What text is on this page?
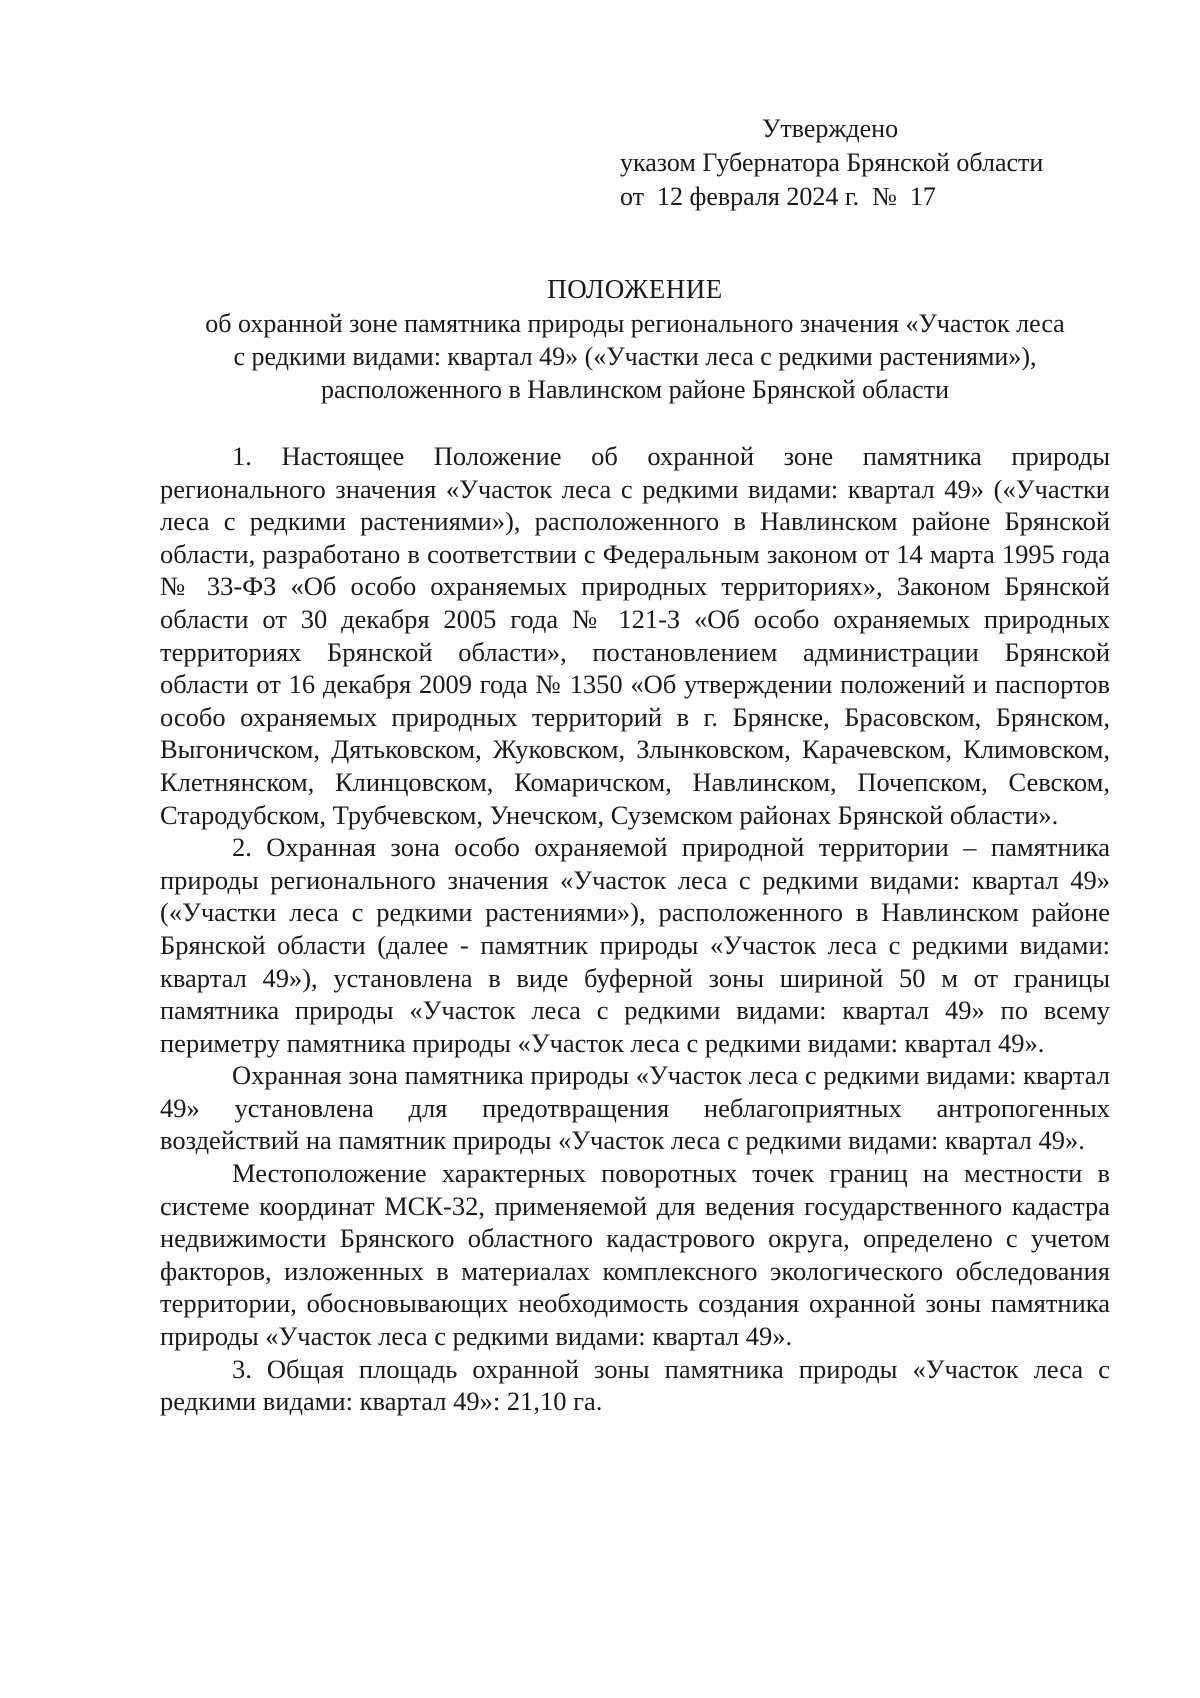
Утверждено
указом Губернатора Брянской области
от  12 февраля 2024 г.  №  17
ПОЛОЖЕНИЕ
об охранной зоне памятника природы регионального значения «Участок леса
с редкими видами: квартал 49» («Участки леса с редкими растениями»),
расположенного в Навлинском районе Брянской области

1. Настоящее Положение об охранной зоне памятника природы регионального значения «Участок леса с редкими видами: квартал 49» («Участки леса с редкими растениями»), расположенного в Навлинском районе Брянской области, разработано в соответствии с Федеральным законом от 14 марта 1995 года № 33-ФЗ «Об особо охраняемых природных территориях», Законом Брянской области от 30 декабря 2005 года № 121-З «Об особо охраняемых природных территориях Брянской области», постановлением администрации Брянской области от 16 декабря 2009 года № 1350 «Об утверждении положений и паспортов особо охраняемых природных территорий в г. Брянске, Брасовском, Брянском, Выгоничском, Дятьковском, Жуковском, Злынковском, Карачевском, Климовском, Клетнянском, Клинцовском, Комаричском, Навлинском, Почепском, Севском, Стародубском, Трубчевском, Унечском, Суземском районах Брянской области».

2. Охранная зона особо охраняемой природной территории – памятника природы регионального значения «Участок леса с редкими видами: квартал 49» («Участки леса с редкими растениями»), расположенного в Навлинском районе Брянской области (далее - памятник природы «Участок леса с редкими видами: квартал 49»), установлена в виде буферной зоны шириной 50 м от границы памятника природы «Участок леса с редкими видами: квартал 49» по всему периметру памятника природы «Участок леса с редкими видами: квартал 49».

Охранная зона памятника природы «Участок леса с редкими видами: квартал 49» установлена для предотвращения неблагоприятных антропогенных воздействий на памятник природы «Участок леса с редкими видами: квартал 49».

Местоположение характерных поворотных точек границ на местности в системе координат МСК-32, применяемой для ведения государственного кадастра недвижимости Брянского областного кадастрового округа, определено с учетом факторов, изложенных в материалах комплексного экологического обследования территории, обосновывающих необходимость создания охранной зоны памятника природы «Участок леса с редкими видами: квартал 49».

3. Общая площадь охранной зоны памятника природы «Участок леса с редкими видами: квартал 49»: 21,10 га.
